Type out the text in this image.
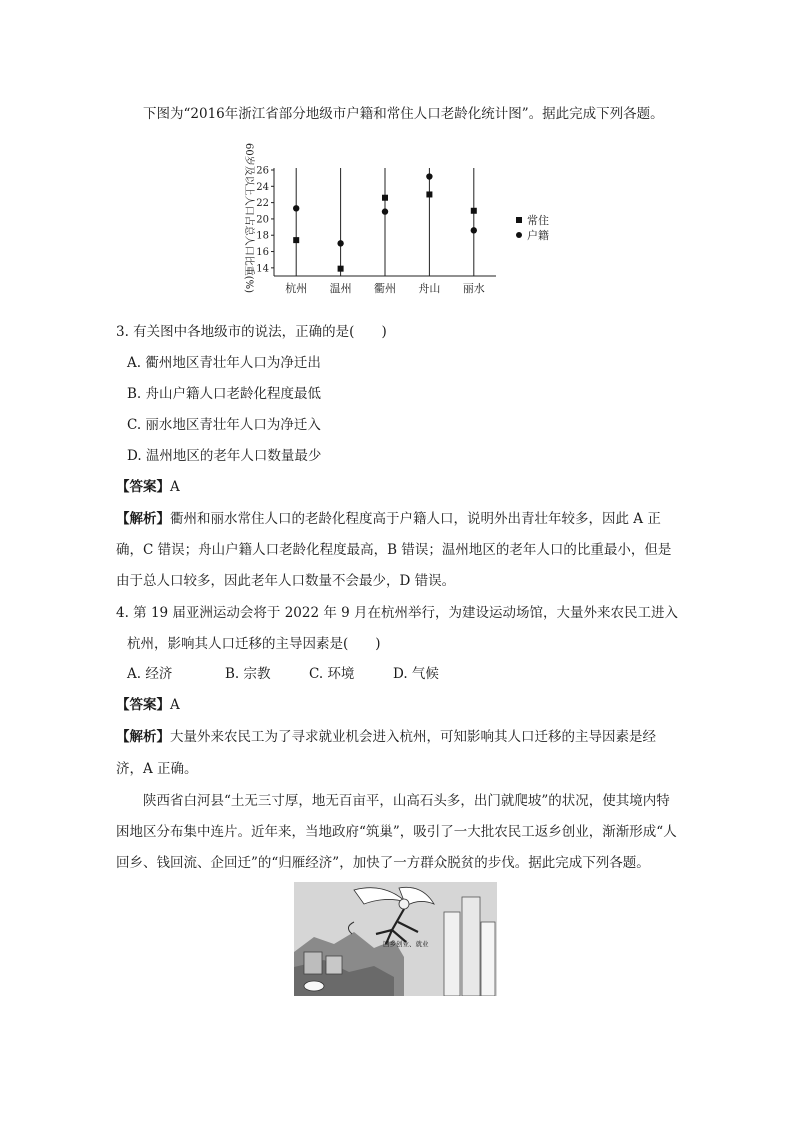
下图为“2016年浙江省部分地级市户籍和常住人口老龄化统计图”。据此完成下列各题。
14
16
18
20
22
24
26
杭州 温州 衢州 舟山 丽水
常住
户籍
60岁及以上人口占总人口比重(%)
3. 有关图中各地级市的说法，正确的是(　　)
A. 衢州地区青壮年人口为净迁出
B. 舟山户籍人口老龄化程度最低
C. 丽水地区青壮年人口为净迁入
D. 温州地区的老年人口数量最少
【答案】A
【解析】衢州和丽水常住人口的老龄化程度高于户籍人口，说明外出青壮年较多，因此 A 正
确，C 错误；舟山户籍人口老龄化程度最高，B 错误；温州地区的老年人口的比重最小，但是
由于总人口较多，因此老年人口数量不会最少，D 错误。
4. 第 19 届亚洲运动会将于 2022 年 9 月在杭州举行，为建设运动场馆，大量外来农民工进入
杭州，影响其人口迁移的主导因素是(　　)
A. 经济	B. 宗教	C. 环境	D. 气候
【答案】A
【解析】大量外来农民工为了寻求就业机会进入杭州，可知影响其人口迁移的主导因素是经
济，A 正确。
陕西省白河县“土无三寸厚，地无百亩平，山高石头多，出门就爬坡”的状况，使其境内特
困地区分布集中连片。近年来，当地政府“筑巢”，吸引了一大批农民工返乡创业，渐渐形成“人
回乡、钱回流、企回迁”的“归雁经济”，加快了一方群众脱贫的步伐。据此完成下列各题。
回乡创业、就业
